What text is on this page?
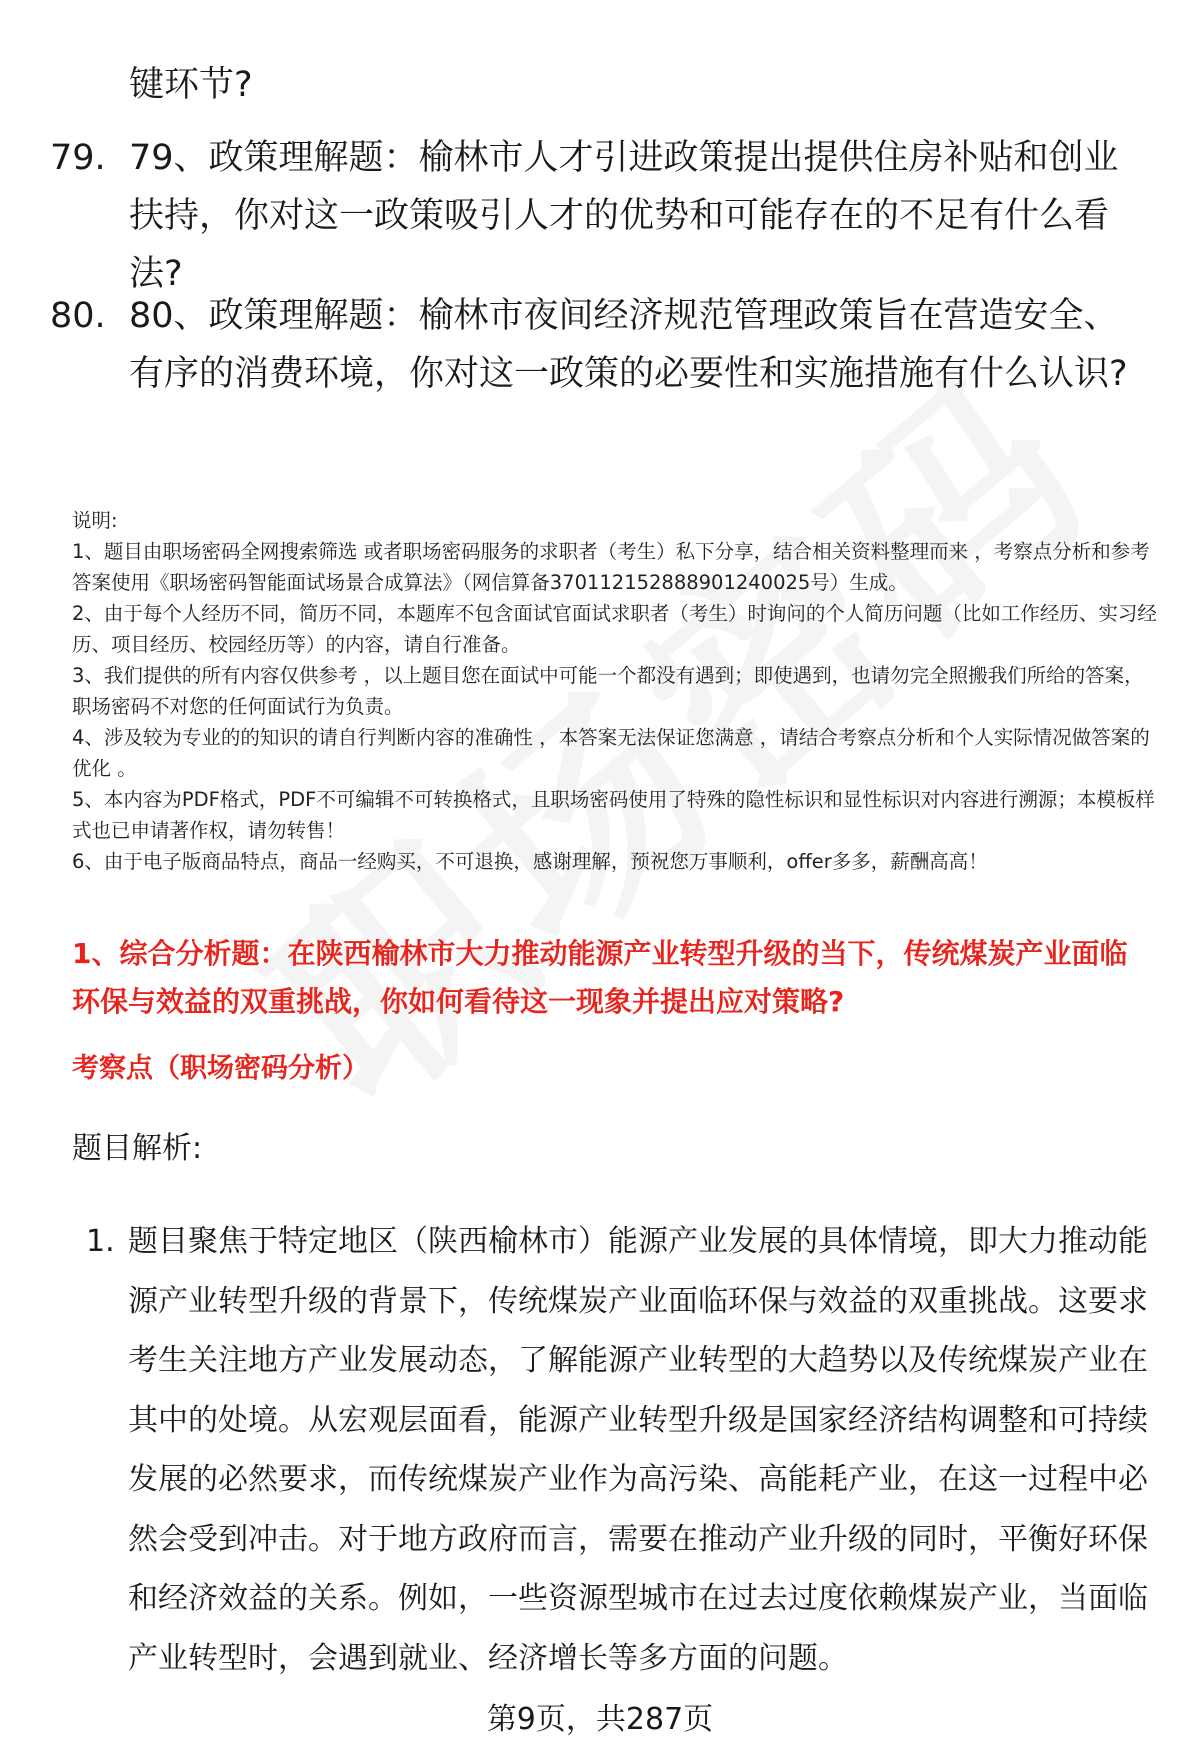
键环节?
79. 79、政策理解题：榆林市人才引进政策提出提供住房补贴和创业扶持，你对这一政策吸引人才的优势和可能存在的不足有什么看法?
80. 80、政策理解题：榆林市夜间经济规范管理政策旨在营造安全、有序的消费环境，你对这一政策的必要性和实施措施有什么认识?

说明:

1、题目由职场密码全网搜索筛选 或者职场密码服务的求职者（考生）私下分享，结合相关资料整理而来 ，考察点分析和参考答案使用《职场密码智能面试场景合成算法》（网信算备370112152888901240025号）生成。

2、由于每个人经历不同，简历不同，本题库不包含面试官面试求职者（考生）时询问的个人简历问题（比如工作经历、实习经历、项目经历、校园经历等）的内容，请自行准备。

3、我们提供的所有内容仅供参考 ，以上题目您在面试中可能一个都没有遇到；即使遇到，也请勿完全照搬我们所给的答案，职场密码不对您的任何面试行为负责。

4、涉及较为专业的的知识的请自行判断内容的准确性 ，本答案无法保证您满意 ，请结合考察点分析和个人实际情况做答案的优化 。

5、本内容为PDF格式，PDF不可编辑不可转换格式，且职场密码使用了特殊的隐性标识和显性标识对内容进行溯源；本模板样式也已申请著作权，请勿转售！

6、由于电子版商品特点，商品一经购买，不可退换，感谢理解，预祝您万事顺利，offer多多，薪酬高高！

1、综合分析题：在陕西榆林市大力推动能源产业转型升级的当下，传统煤炭产业面临环保与效益的双重挑战，你如何看待这一现象并提出应对策略?
考察点（职场密码分析）
题目解析:
1. 题目聚焦于特定地区（陕西榆林市）能源产业发展的具体情境，即大力推动能源产业转型升级的背景下，传统煤炭产业面临环保与效益的双重挑战。这要求考生关注地方产业发展动态，了解能源产业转型的大趋势以及传统煤炭产业在其中的处境。从宏观层面看，能源产业转型升级是国家经济结构调整和可持续发展的必然要求，而传统煤炭产业作为高污染、高能耗产业，在这一过程中必然会受到冲击。对于地方政府而言，需要在推动产业升级的同时，平衡好环保和经济效益的关系。例如，一些资源型城市在过去过度依赖煤炭产业，当面临产业转型时，会遇到就业、经济增长等多方面的问题。
第9页，共287页
